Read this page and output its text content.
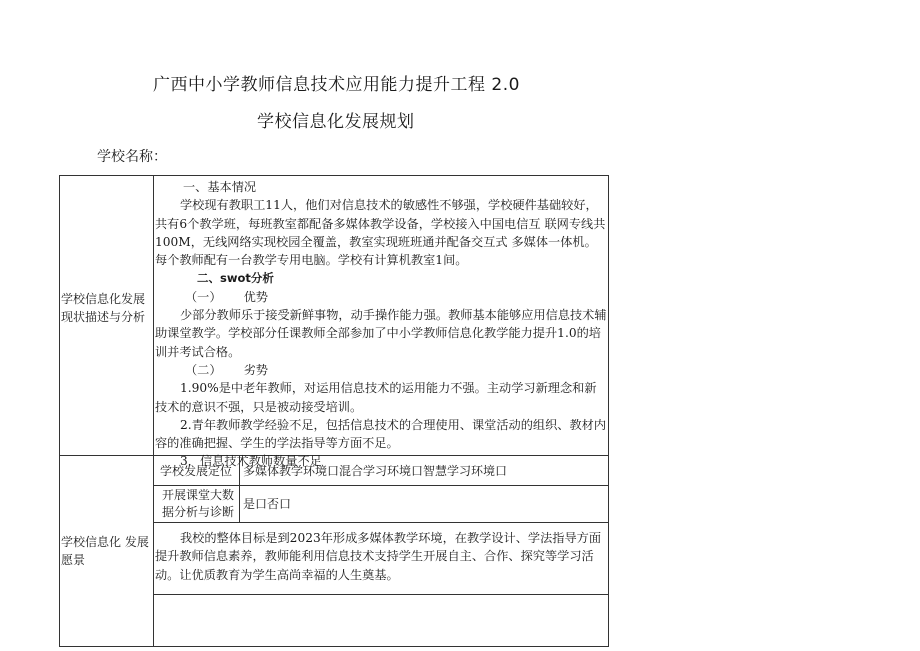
广西中小学教师信息技术应用能力提升工程 2.0
学校信息化发展规划
学校名称：
学校信息化发展现状描述与分析

一、基本情况

学校现有教职工11人，他们对信息技术的敏感性不够强，学校硬件基础较好，共有6个教学班，每班教室都配备多媒体教学设备，学校接入中国电信互 联网专线共100M，无线网络实现校园全覆盖，教室实现班班通并配备交互式 多媒体一体机。每个教师配有一台教学专用电脑。学校有计算机教室1间。

二、swot分析

（一） 优势

少部分教师乐于接受新鲜事物，动手操作能力强。教师基本能够应用信息技术辅助课堂教学。学校部分任课教师全部参加了中小学教师信息化教学能力提升1.0的培训并考试合格。

（二） 劣势

1.90%是中老年教师，对运用信息技术的运用能力不强。主动学习新理念和新技术的意识不强，只是被动接受培训。

2.青年教师教学经验不足，包括信息技术的合理使用、课堂活动的组织、教材内容的准确把握、学生的学法指导等方面不足。

3．信息技术教师数量不足

学校信息化 发展愿景
学校发展定位 多媒体教学环境口混合学习环境口智慧学习环境口
开展课堂大数据分析与诊断
是口否口

我校的整体目标是到2023年形成多媒体教学环境，在教学设计、学法指导方面提升教师信息素养，教师能利用信息技术支持学生开展自主、合作、探究等学习活动。让优质教育为学生高尚幸福的人生奠基。
